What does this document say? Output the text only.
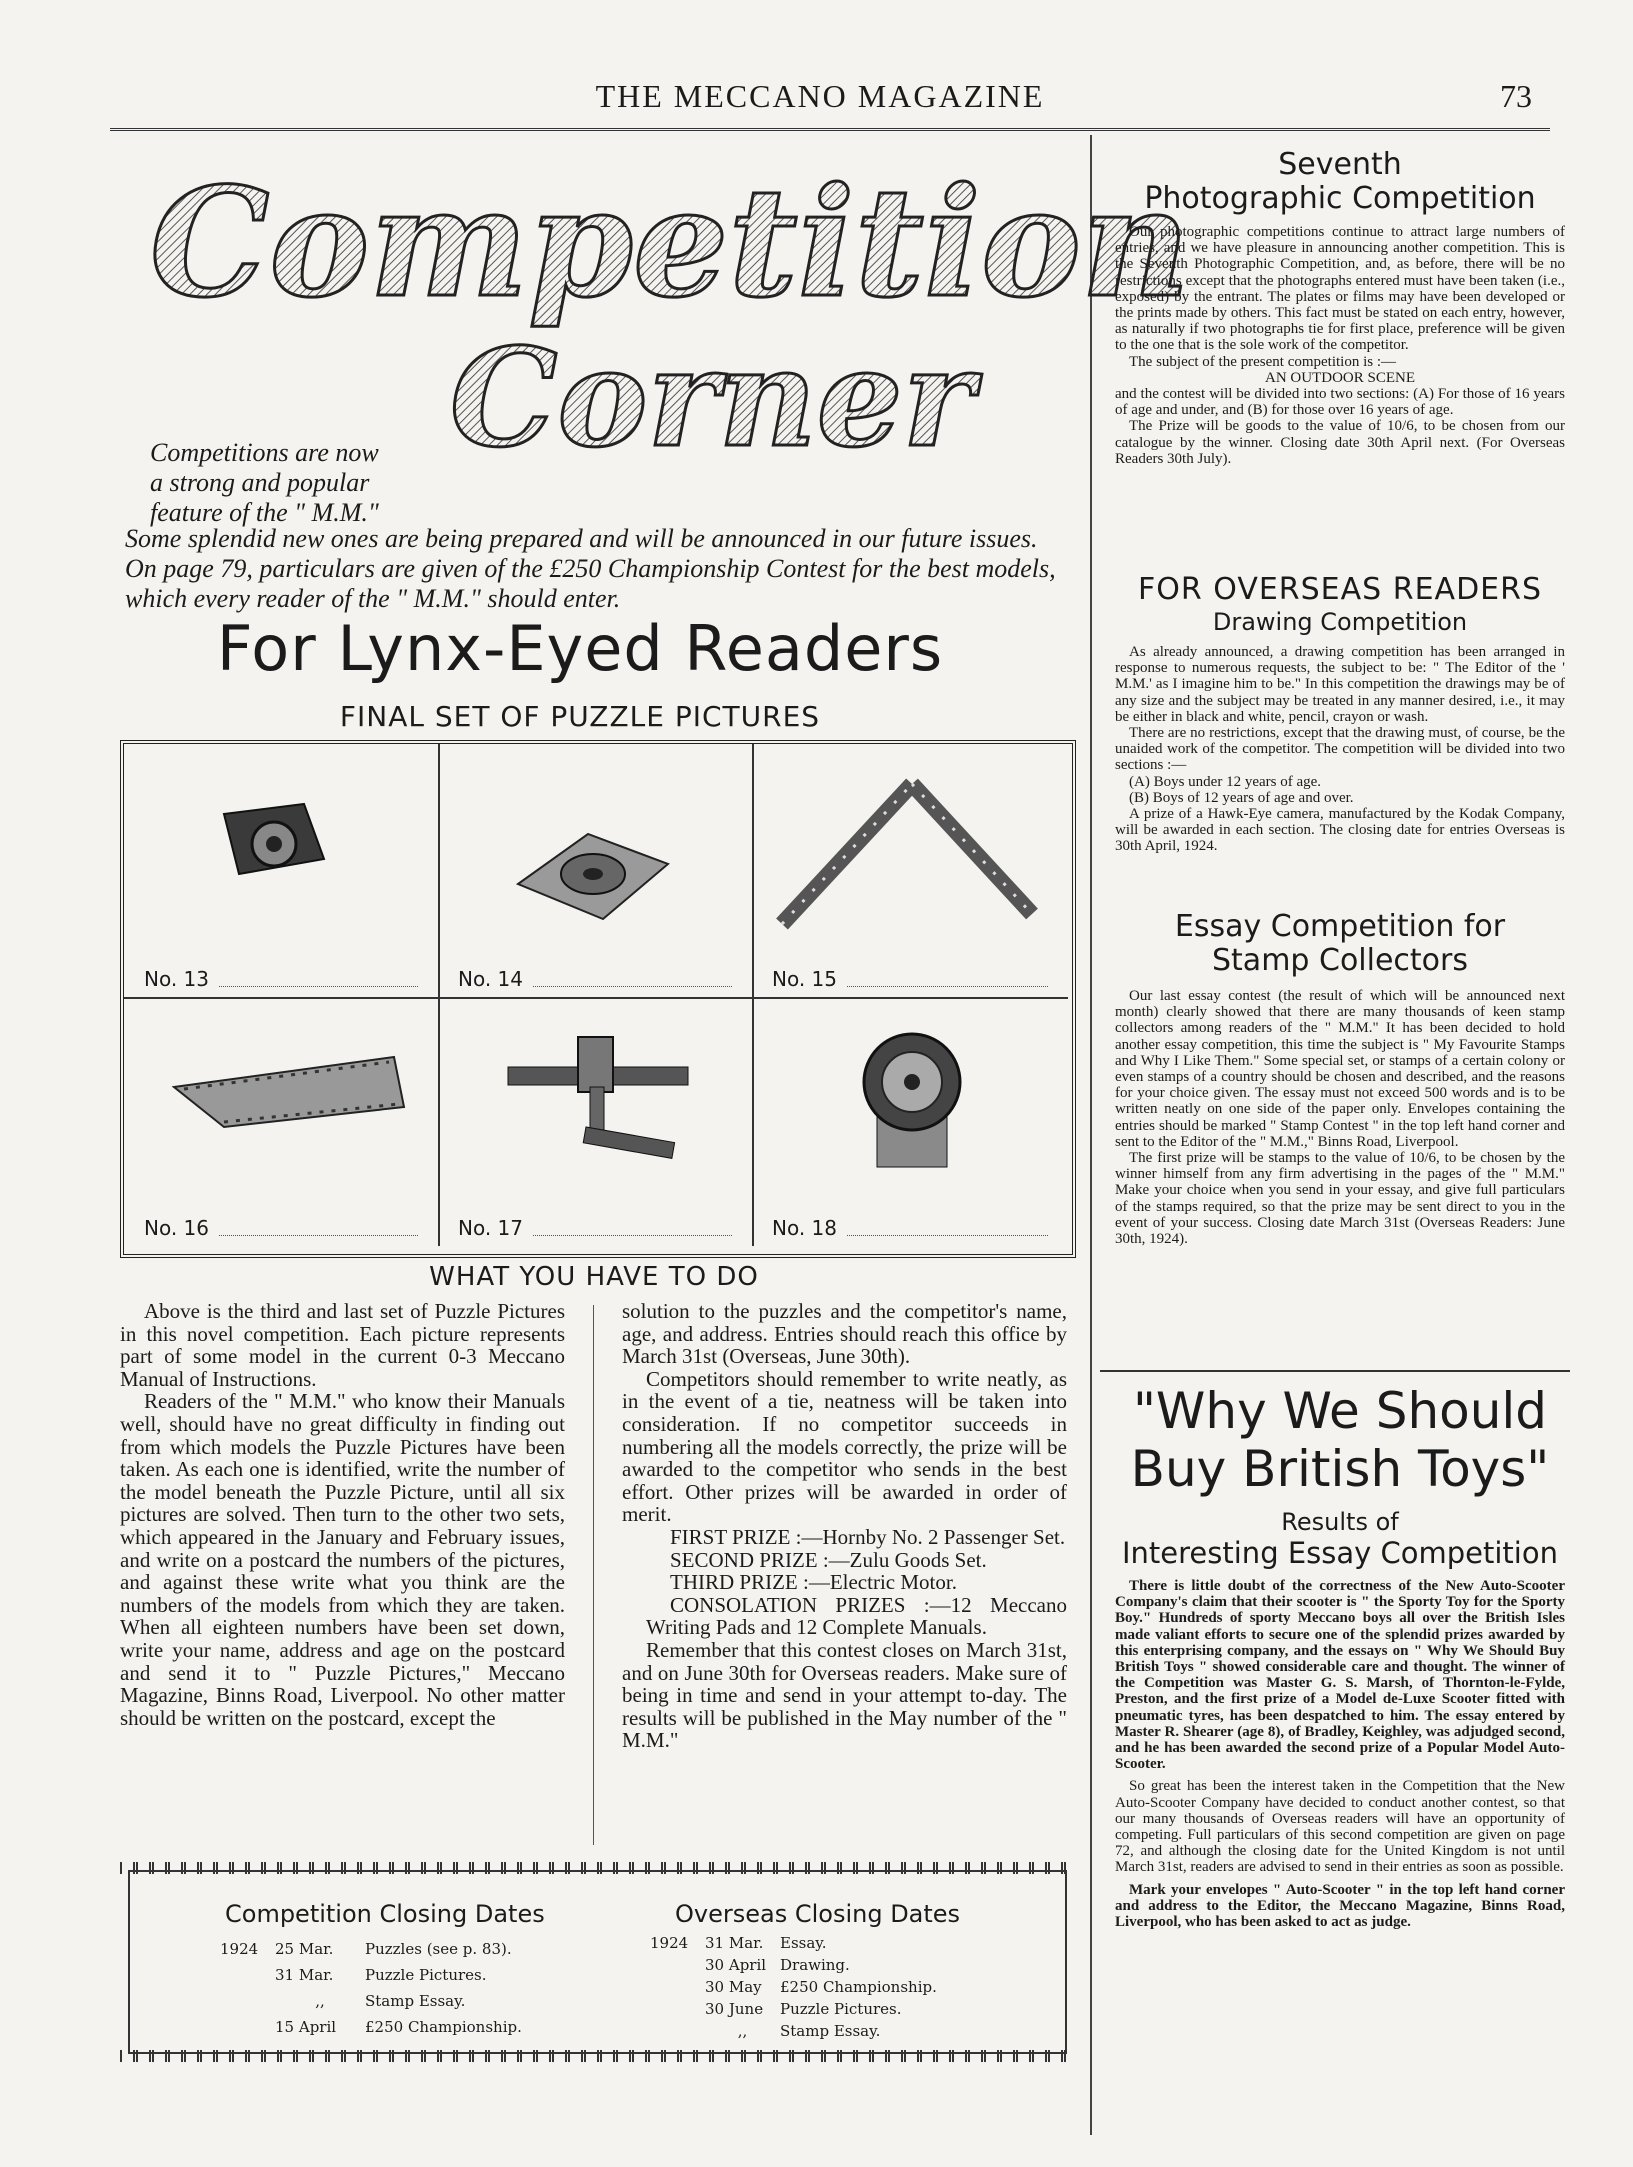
THE MECCANO MAGAZINE	73
Competition
Corner
Competitions are now
a strong and popular
feature of the " M.M."
Some splendid new ones are being prepared and will be announced in our future issues. On page 79, particulars are given of the £250 Championship Contest for the best models, which every reader of the " M.M." should enter.
For Lynx-Eyed Readers
FINAL SET OF PUZZLE PICTURES
No. 13	No. 14	No. 15
No. 16	No. 17	No. 18
WHAT YOU HAVE TO DO

Above is the third and last set of Puzzle Pictures in this novel competition. Each picture represents part of some model in the current 0-3 Meccano Manual of Instructions.

Readers of the " M.M." who know their Manuals well, should have no great difficulty in finding out from which models the Puzzle Pictures have been taken. As each one is identified, write the number of the model beneath the Puzzle Picture, until all six pictures are solved. Then turn to the other two sets, which appeared in the January and February issues, and write on a postcard the numbers of the pictures, and against these write what you think are the numbers of the models from which they are taken. When all eighteen numbers have been set down, write your name, address and age on the postcard and send it to " Puzzle Pictures," Meccano Magazine, Binns Road, Liverpool. No other matter should be written on the postcard, except the

solution to the puzzles and the competitor's name, age, and address. Entries should reach this office by March 31st (Overseas, June 30th).

Competitors should remember to write neatly, as in the event of a tie, neatness will be taken into consideration. If no competitor succeeds in numbering all the models correctly, the prize will be awarded to the competitor who sends in the best effort. Other prizes will be awarded in order of merit.

FIRST PRIZE :—Hornby No. 2 Passenger Set.

SECOND PRIZE :—Zulu Goods Set.

THIRD PRIZE :—Electric Motor.

CONSOLATION PRIZES :—12 Meccano Writing Pads and 12 Complete Manuals.

Remember that this contest closes on March 31st, and on June 30th for Overseas readers. Make sure of being in time and send in your attempt to-day. The results will be published in the May number of the " M.M."

Competition Closing Dates	Overseas Closing Dates
1924 25 Mar. Puzzles (see p. 83).
31 Mar. Puzzle Pictures.
,,	Stamp Essay.
15 April £250 Championship.
1924 31 Mar. Essay.
30 April Drawing.
30 May £250 Championship.
30 June Puzzle Pictures.
,, Stamp Essay.
Seventh
Photographic Competition

Our photographic competitions continue to attract large numbers of entries, and we have pleasure in announcing another competition. This is the Seventh Photographic Competition, and, as before, there will be no restrictions except that the photographs entered must have been taken (i.e., exposed) by the entrant. The plates or films may have been developed or the prints made by others. This fact must be stated on each entry, however, as naturally if two photographs tie for first place, preference will be given to the one that is the sole work of the competitor.

The subject of the present competition is :—

AN OUTDOOR SCENE

and the contest will be divided into two sections: (A) For those of 16 years of age and under, and (B) for those over 16 years of age.

The Prize will be goods to the value of 10/6, to be chosen from our catalogue by the winner. Closing date 30th April next. (For Overseas Readers 30th July).

FOR OVERSEAS READERS
Drawing Competition

As already announced, a drawing competition has been arranged in response to numerous requests, the subject to be: " The Editor of the ' M.M.' as I imagine him to be." In this competition the drawings may be of any size and the subject may be treated in any manner desired, i.e., it may be either in black and white, pencil, crayon or wash.

There are no restrictions, except that the drawing must, of course, be the unaided work of the competitor. The competition will be divided into two sections :—

(A) Boys under 12 years of age.

(B) Boys of 12 years of age and over.

A prize of a Hawk-Eye camera, manufactured by the Kodak Company, will be awarded in each section. The closing date for entries Overseas is 30th April, 1924.

Essay Competition for
Stamp Collectors

Our last essay contest (the result of which will be announced next month) clearly showed that there are many thousands of keen stamp collectors among readers of the " M.M." It has been decided to hold another essay competition, this time the subject is " My Favourite Stamps and Why I Like Them." Some special set, or stamps of a certain colony or even stamps of a country should be chosen and described, and the reasons for your choice given. The essay must not exceed 500 words and is to be written neatly on one side of the paper only. Envelopes containing the entries should be marked " Stamp Contest " in the top left hand corner and sent to the Editor of the " M.M.," Binns Road, Liverpool.

The first prize will be stamps to the value of 10/6, to be chosen by the winner himself from any firm advertising in the pages of the " M.M." Make your choice when you send in your essay, and give full particulars of the stamps required, so that the prize may be sent direct to you in the event of your success. Closing date March 31st (Overseas Readers: June 30th, 1924).

"Why We Should
Buy British Toys"
Results of
Interesting Essay Competition

There is little doubt of the correctness of the New Auto-Scooter Company's claim that their scooter is " the Sporty Toy for the Sporty Boy." Hundreds of sporty Meccano boys all over the British Isles made valiant efforts to secure one of the splendid prizes awarded by this enterprising company, and the essays on " Why We Should Buy British Toys " showed considerable care and thought. The winner of the Competition was Master G. S. Marsh, of Thornton-le-Fylde, Preston, and the first prize of a Model de-Luxe Scooter fitted with pneumatic tyres, has been despatched to him. The essay entered by Master R. Shearer (age 8), of Bradley, Keighley, was adjudged second, and he has been awarded the second prize of a Popular Model Auto-Scooter.

So great has been the interest taken in the Competition that the New Auto-Scooter Company have decided to conduct another contest, so that our many thousands of Overseas readers will have an opportunity of competing. Full particulars of this second competition are given on page 72, and although the closing date for the United Kingdom is not until March 31st, readers are advised to send in their entries as soon as possible.

Mark your envelopes " Auto-Scooter " in the top left hand corner and address to the Editor, the Meccano Magazine, Binns Road, Liverpool, who has been asked to act as judge.
